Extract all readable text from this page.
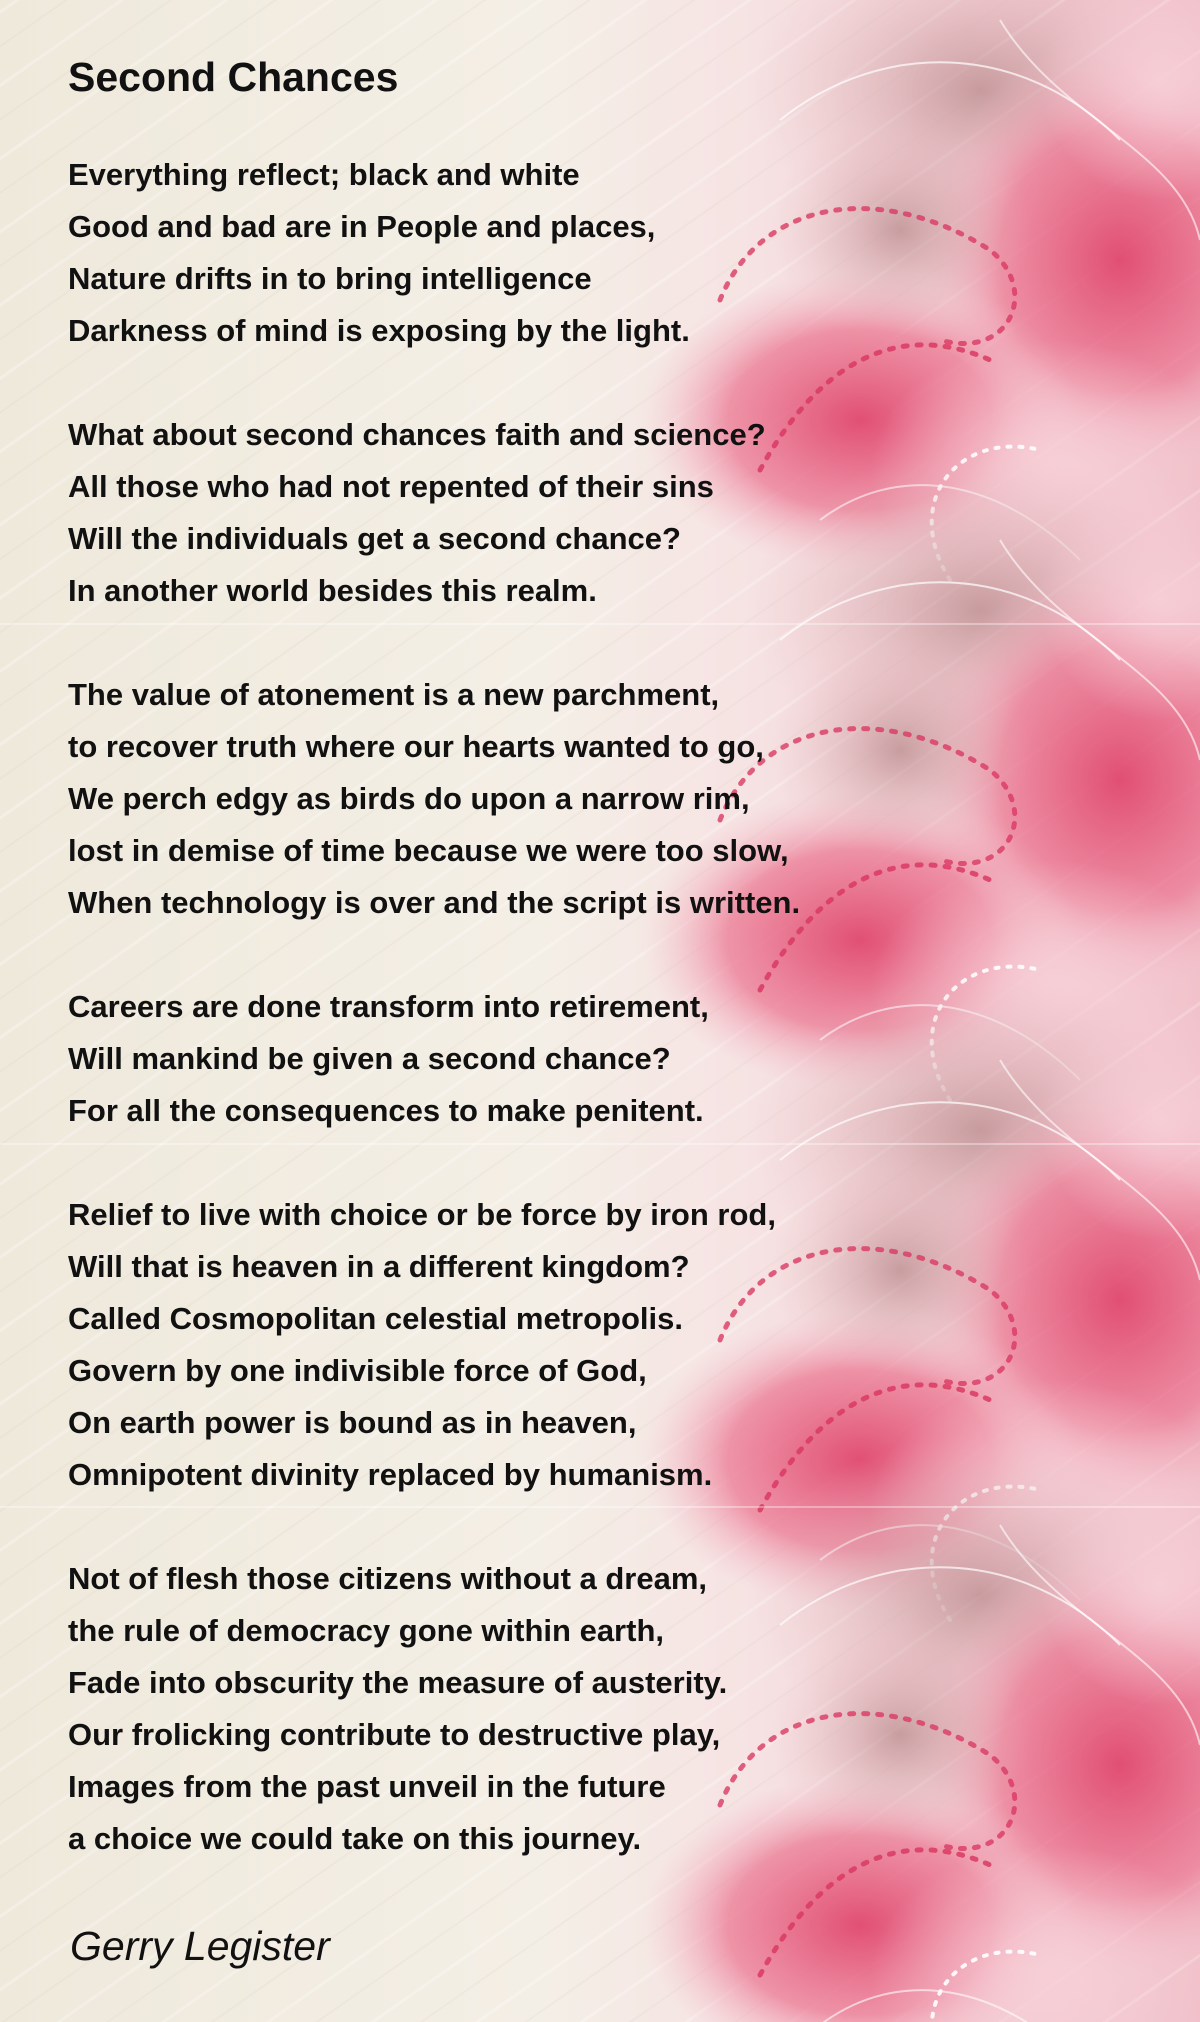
Second Chances
Everything reflect; black and white
Good and bad are in People and places,
Nature drifts in to bring intelligence
Darkness of mind is exposing by the light.
What about second chances faith and science?
All those who had not repented of their sins
Will the individuals get a second chance?
In another world besides this realm.
The value of atonement is a new parchment,
to recover truth where our hearts wanted to go,
We perch edgy as birds do upon a narrow rim,
lost in demise of time because we were too slow,
When technology is over and the script is written.
Careers are done transform into retirement,
Will mankind be given a second chance?
For all the consequences to make penitent.
Relief to live with choice or be force by iron rod,
Will that is heaven in a different kingdom?
Called Cosmopolitan celestial metropolis.
Govern by one indivisible force of God,
On earth power is bound as in heaven,
Omnipotent divinity replaced by humanism.
Not of flesh those citizens without a dream,
the rule of democracy gone within earth,
Fade into obscurity the measure of austerity.
Our frolicking contribute to destructive play,
Images from the past unveil in the future
a choice we could take on this journey.
Gerry Legister
